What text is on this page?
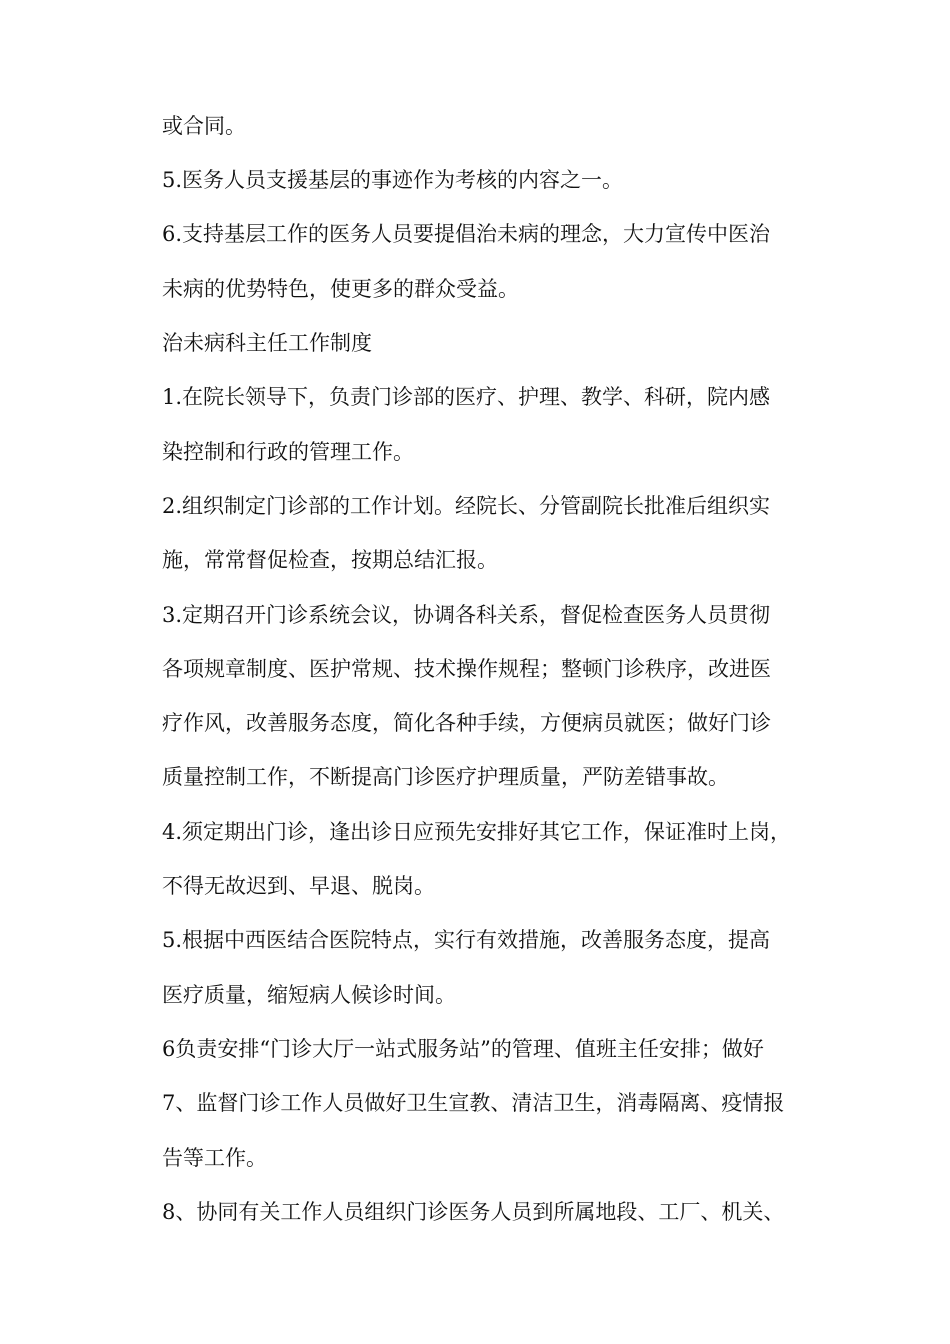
或合同。
5.医务人员支援基层的事迹作为考核的内容之一。
6.支持基层工作的医务人员要提倡治未病的理念，大力宣传中医治
未病的优势特色，使更多的群众受益。
治未病科主任工作制度
1.在院长领导下，负责门诊部的医疗、护理、教学、科研，院内感
染控制和行政的管理工作。
2.组织制定门诊部的工作计划。经院长、分管副院长批准后组织实
施，常常督促检查，按期总结汇报。
3.定期召开门诊系统会议，协调各科关系，督促检查医务人员贯彻
各项规章制度、医护常规、技术操作规程；整顿门诊秩序，改进医
疗作风，改善服务态度，简化各种手续，方便病员就医；做好门诊
质量控制工作，不断提高门诊医疗护理质量，严防差错事故。
4.须定期出门诊，逢出诊日应预先安排好其它工作，保证准时上岗，
不得无故迟到、早退、脱岗。
5.根据中西医结合医院特点，实行有效措施，改善服务态度，提高
医疗质量，缩短病人候诊时间。
6负责安排“门诊大厅一站式服务站”的管理、值班主任安排；做好
7、监督门诊工作人员做好卫生宣教、清洁卫生，消毒隔离、疫情报
告等工作。
8、协同有关工作人员组织门诊医务人员到所属地段、工厂、机关、
